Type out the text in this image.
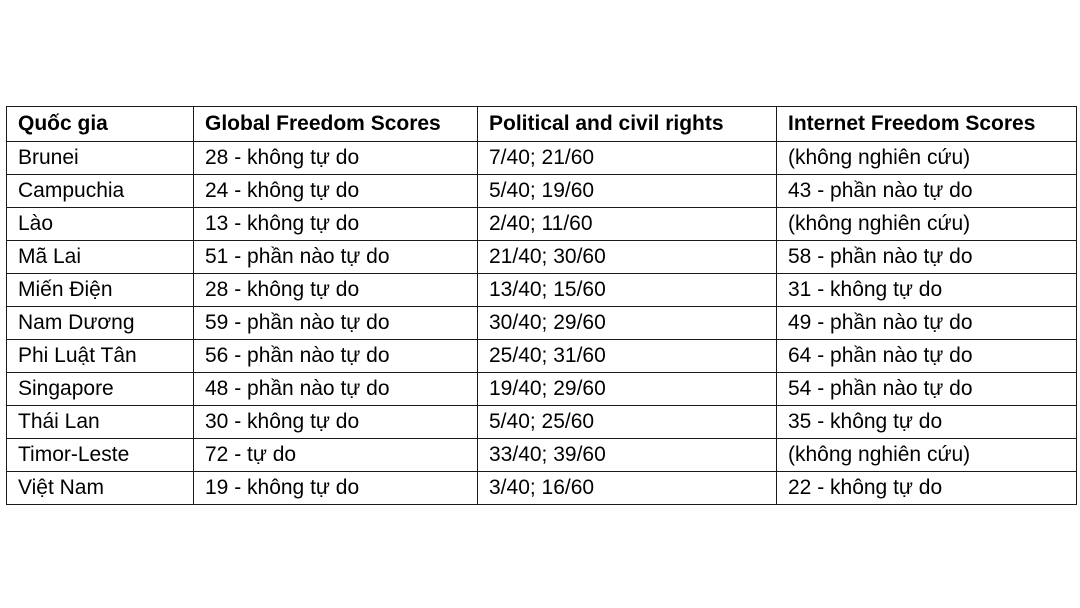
Quốc gia	Global Freedom Scores	Political and civil rights	Internet Freedom Scores
Brunei	28 - không tự do	7/40; 21/60	(không nghiên cứu)
Campuchia	24 - không tự do	5/40; 19/60	43 - phần nào tự do
Lào	13 - không tự do	2/40; 11/60	(không nghiên cứu)
Mã Lai	51 - phần nào tự do	21/40; 30/60	58 - phần nào tự do
Miến Điện	28 - không tự do	13/40; 15/60	31 - không tự do
Nam Dương	59 - phần nào tự do	30/40; 29/60	49 - phần nào tự do
Phi Luật Tân	56 - phần nào tự do	25/40; 31/60	64 - phần nào tự do
Singapore	48 - phần nào tự do	19/40; 29/60	54 - phần nào tự do
Thái Lan	30 - không tự do	5/40; 25/60	35 - không tự do
Timor-Leste	72 - tự do	33/40; 39/60	(không nghiên cứu)
Việt Nam	19 - không tự do	3/40; 16/60	22 - không tự do
